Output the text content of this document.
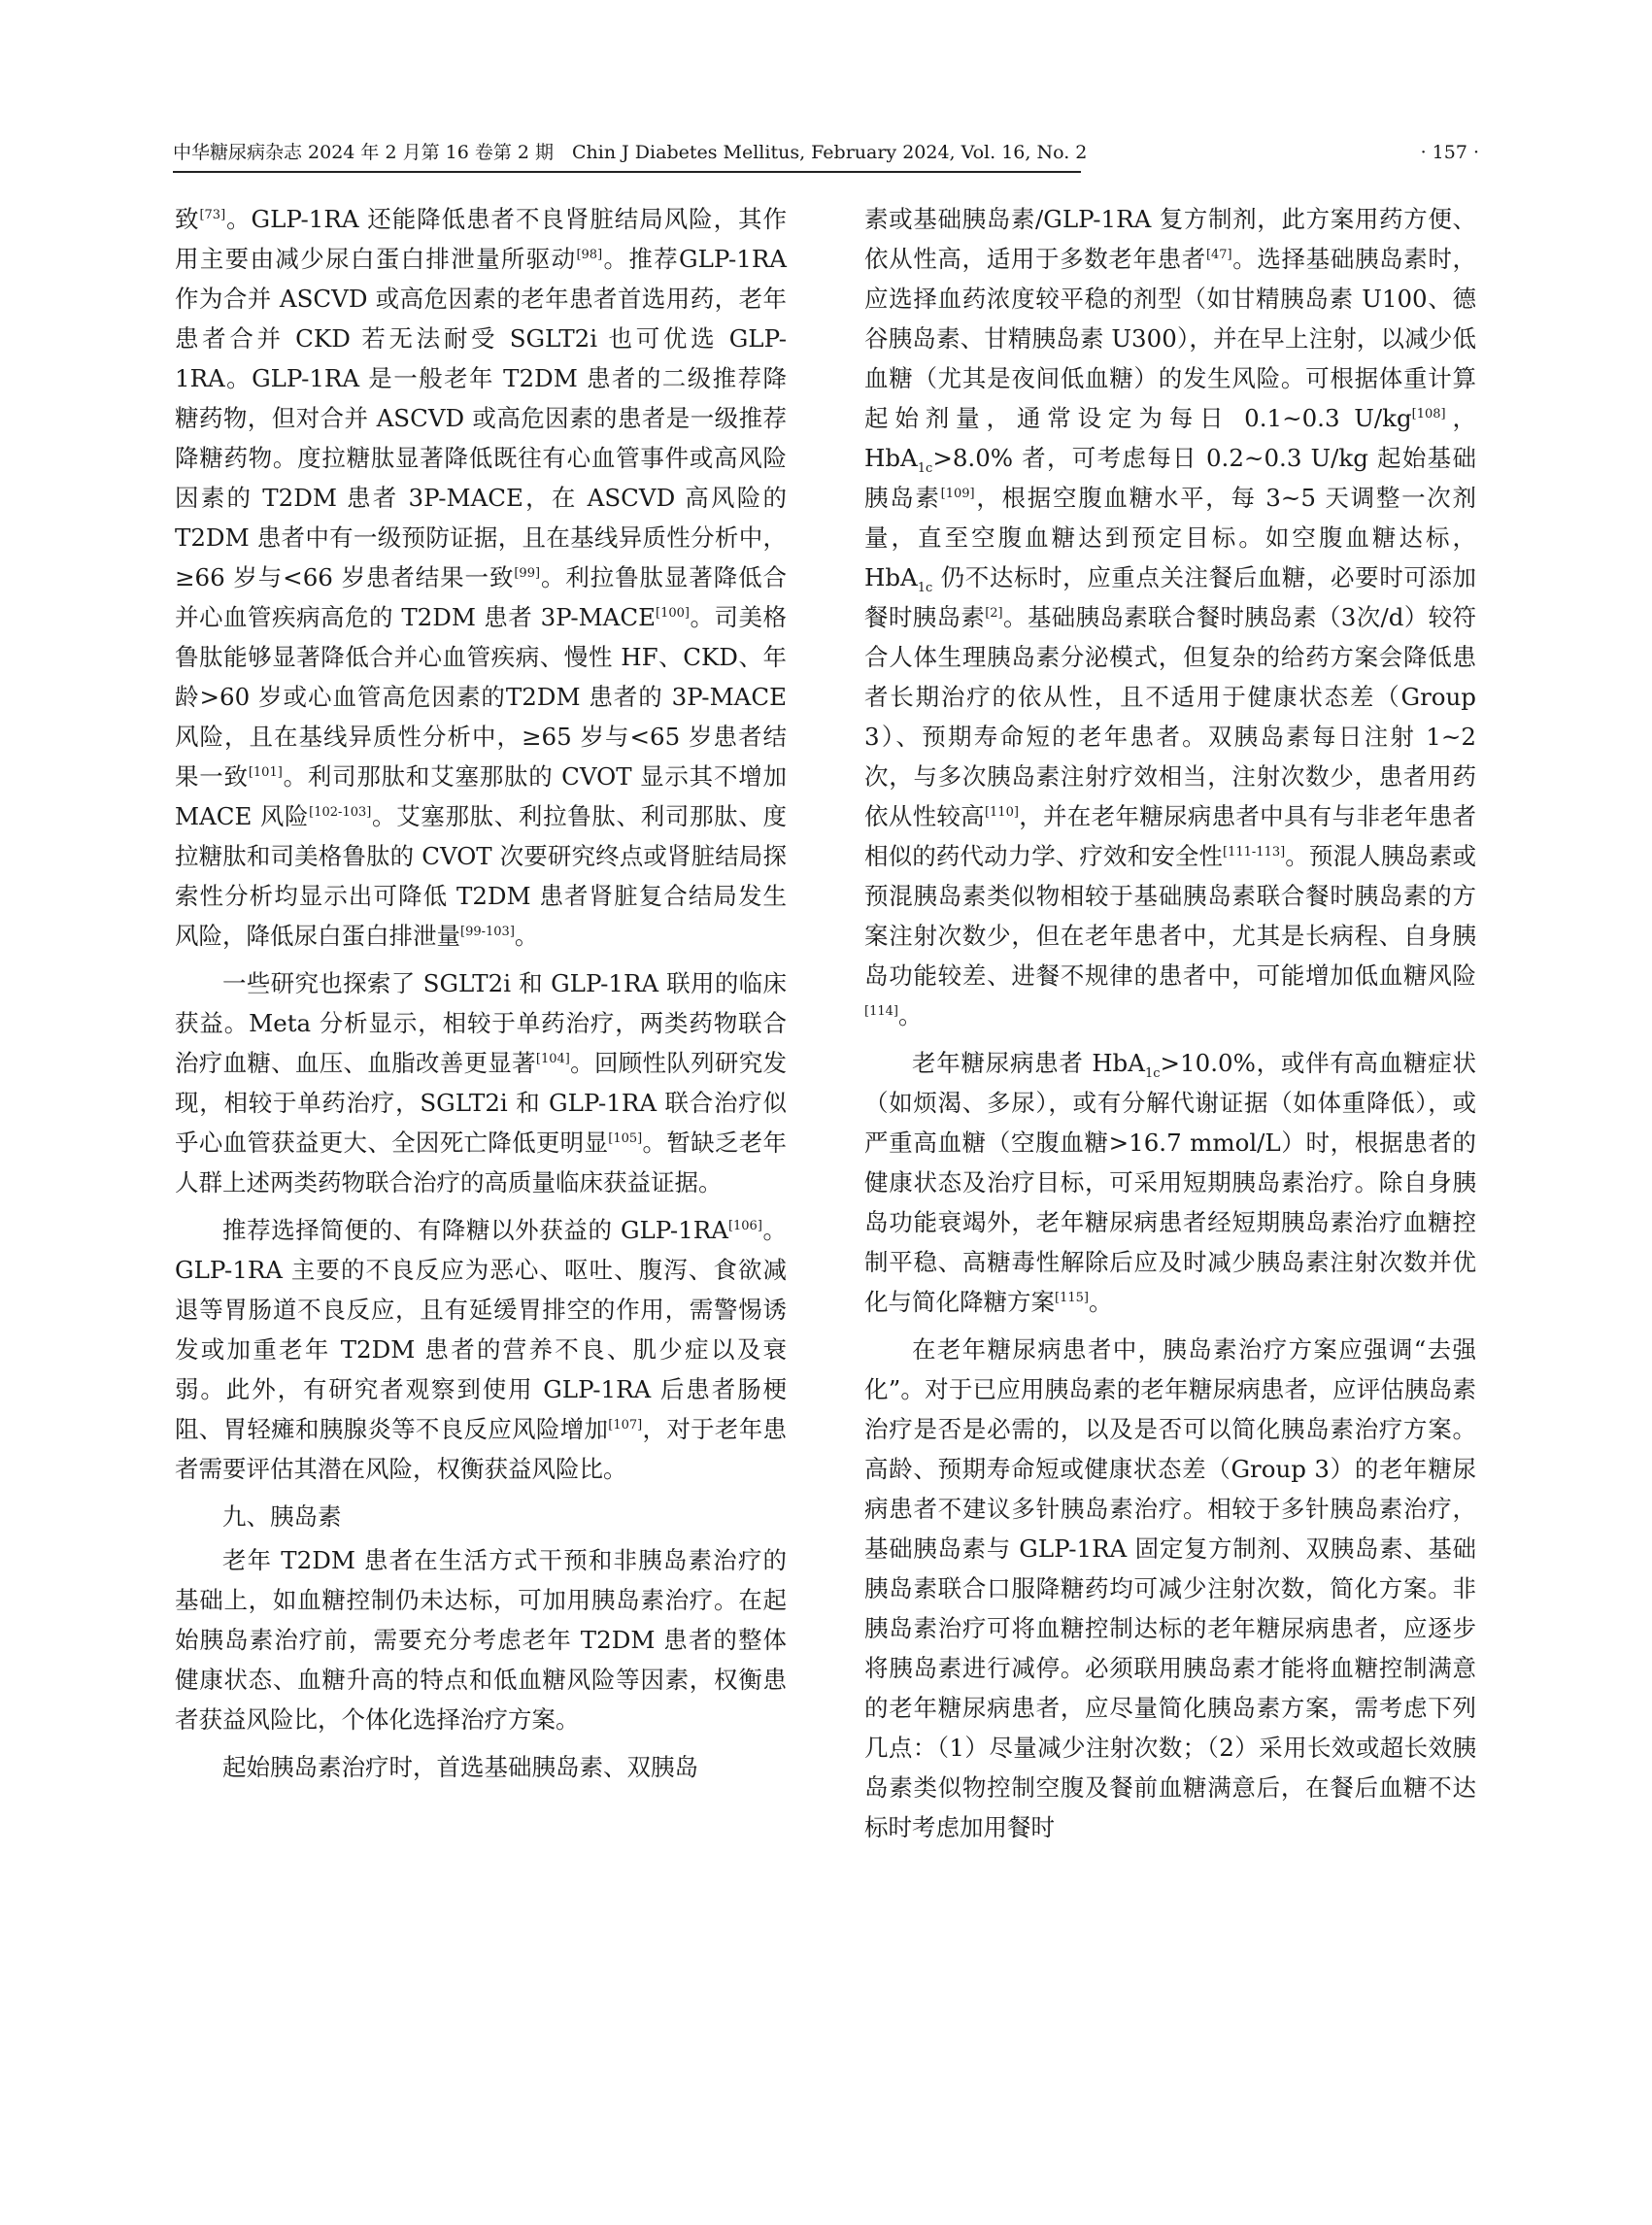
中华糖尿病杂志 2024 年 2 月第 16 卷第 2 期　Chin J Diabetes Mellitus, February 2024, Vol. 16, No. 2	· 157 ·

致[73]。GLP-1RA 还能降低患者不良肾脏结局风险，其作用主要由减少尿白蛋白排泄量所驱动[98]。推荐GLP-1RA 作为合并 ASCVD 或高危因素的老年患者首选用药，老年患者合并 CKD 若无法耐受 SGLT2i 也可优选 GLP-1RA。GLP-1RA 是一般老年 T2DM 患者的二级推荐降糖药物，但对合并 ASCVD 或高危因素的患者是一级推荐降糖药物。度拉糖肽显著降低既往有心血管事件或高风险因素的 T2DM 患者 3P-MACE，在 ASCVD 高风险的 T2DM 患者中有一级预防证据，且在基线异质性分析中，≥66 岁与<66 岁患者结果一致[99]。利拉鲁肽显著降低合并心血管疾病高危的 T2DM 患者 3P-MACE[100]。司美格鲁肽能够显著降低合并心血管疾病、慢性 HF、CKD、年龄>60 岁或心血管高危因素的T2DM 患者的 3P-MACE 风险，且在基线异质性分析中，≥65 岁与<65 岁患者结果一致[101]。利司那肽和艾塞那肽的 CVOT 显示其不增加 MACE 风险[102-103]。艾塞那肽、利拉鲁肽、利司那肽、度拉糖肽和司美格鲁肽的 CVOT 次要研究终点或肾脏结局探索性分析均显示出可降低 T2DM 患者肾脏复合结局发生风险，降低尿白蛋白排泄量[99-103]。

一些研究也探索了 SGLT2i 和 GLP-1RA 联用的临床获益。Meta 分析显示，相较于单药治疗，两类药物联合治疗血糖、血压、血脂改善更显著[104]。回顾性队列研究发现，相较于单药治疗，SGLT2i 和 GLP-1RA 联合治疗似乎心血管获益更大、全因死亡降低更明显[105]。暂缺乏老年人群上述两类药物联合治疗的高质量临床获益证据。

推荐选择简便的、有降糖以外获益的 GLP-1RA[106]。GLP-1RA 主要的不良反应为恶心、呕吐、腹泻、食欲减退等胃肠道不良反应，且有延缓胃排空的作用，需警惕诱发或加重老年 T2DM 患者的营养不良、肌少症以及衰弱。此外，有研究者观察到使用 GLP-1RA 后患者肠梗阻、胃轻瘫和胰腺炎等不良反应风险增加[107]，对于老年患者需要评估其潜在风险，权衡获益风险比。

九、胰岛素

老年 T2DM 患者在生活方式干预和非胰岛素治疗的基础上，如血糖控制仍未达标，可加用胰岛素治疗。在起始胰岛素治疗前，需要充分考虑老年 T2DM 患者的整体健康状态、血糖升高的特点和低血糖风险等因素，权衡患者获益风险比，个体化选择治疗方案。

起始胰岛素治疗时，首选基础胰岛素、双胰岛

素或基础胰岛素/GLP-1RA 复方制剂，此方案用药方便、依从性高，适用于多数老年患者[47]。选择基础胰岛素时，应选择血药浓度较平稳的剂型（如甘精胰岛素 U100、德谷胰岛素、甘精胰岛素 U300），并在早上注射，以减少低血糖（尤其是夜间低血糖）的发生风险。可根据体重计算起始剂量，通常设定为每日 0.1~0.3 U/kg[108]，HbA$_{1c}$>8.0% 者，可考虑每日 0.2~0.3 U/kg 起始基础胰岛素[109]，根据空腹血糖水平，每 3~5 天调整一次剂量，直至空腹血糖达到预定目标。如空腹血糖达标，HbA$_{1c}$ 仍不达标时，应重点关注餐后血糖，必要时可添加餐时胰岛素[2]。基础胰岛素联合餐时胰岛素（3次/d）较符合人体生理胰岛素分泌模式，但复杂的给药方案会降低患者长期治疗的依从性，且不适用于健康状态差（Group 3）、预期寿命短的老年患者。双胰岛素每日注射 1~2 次，与多次胰岛素注射疗效相当，注射次数少，患者用药依从性较高[110]，并在老年糖尿病患者中具有与非老年患者相似的药代动力学、疗效和安全性[111-113]。预混人胰岛素或预混胰岛素类似物相较于基础胰岛素联合餐时胰岛素的方案注射次数少，但在老年患者中，尤其是长病程、自身胰岛功能较差、进餐不规律的患者中，可能增加低血糖风险[114]。

老年糖尿病患者 HbA$_{1c}$>10.0%，或伴有高血糖症状（如烦渴、多尿），或有分解代谢证据（如体重降低），或严重高血糖（空腹血糖>16.7 mmol/L）时，根据患者的健康状态及治疗目标，可采用短期胰岛素治疗。除自身胰岛功能衰竭外，老年糖尿病患者经短期胰岛素治疗血糖控制平稳、高糖毒性解除后应及时减少胰岛素注射次数并优化与简化降糖方案[115]。

在老年糖尿病患者中，胰岛素治疗方案应强调“去强化”。对于已应用胰岛素的老年糖尿病患者，应评估胰岛素治疗是否是必需的，以及是否可以简化胰岛素治疗方案。高龄、预期寿命短或健康状态差（Group 3）的老年糖尿病患者不建议多针胰岛素治疗。相较于多针胰岛素治疗，基础胰岛素与 GLP-1RA 固定复方制剂、双胰岛素、基础胰岛素联合口服降糖药均可减少注射次数，简化方案。非胰岛素治疗可将血糖控制达标的老年糖尿病患者，应逐步将胰岛素进行减停。必须联用胰岛素才能将血糖控制满意的老年糖尿病患者，应尽量简化胰岛素方案，需考虑下列几点：（1）尽量减少注射次数；（2）采用长效或超长效胰岛素类似物控制空腹及餐前血糖满意后，在餐后血糖不达标时考虑加用餐时
